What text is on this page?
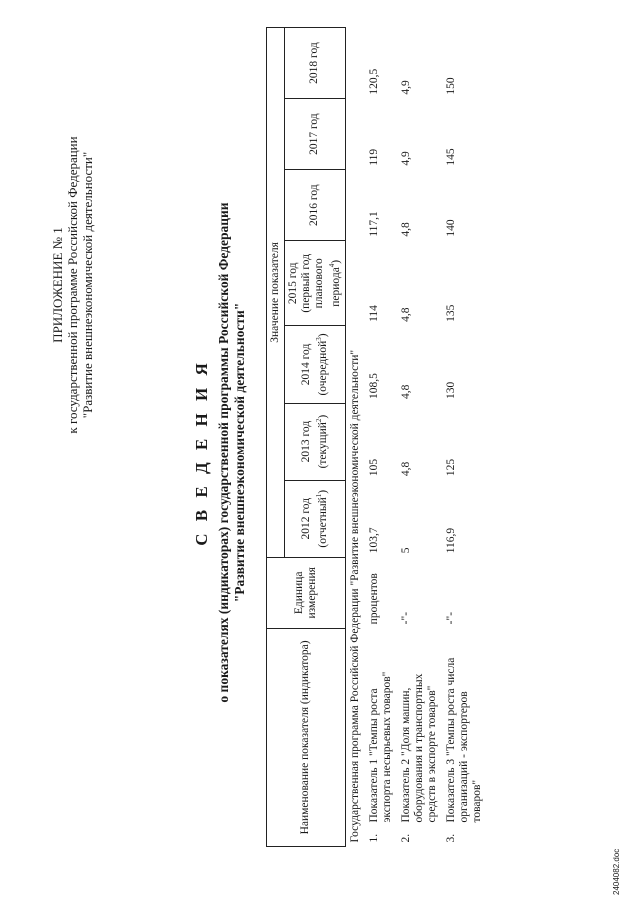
ПРИЛОЖЕНИЕ № 1 к государственной программе Российской Федерации "Развитие внешнеэкономической деятельности"
С В Е Д Е Н И Я о показателях (индикаторах) государственной программы Российской Федерации "Развитие внешнеэкономической деятельности"
Наименование показателя (индикатора)	Единица измерения	Значение показателя						
		2012 год (отчетный$^1$)	2013 год (текущий$^2$)	2014 год (очередной$^3$)	2015 год (первый год планового периода$^4$)	2016 год	2017 год	2018 год
Государственная программа Российской Федерации "Развитие внешнеэкономической деятельности"								
1.Показатель 1 "Темпы роста экспорта несырьевых товаров"	процентов	103,7	105	108,5	114	117,1	119	120,5
2.Показатель 2 "Доля машин, оборудования и транспортных средств в экспорте товаров"	-"-	5	4,8	4,8	4,8	4,8	4,9	4,9
3.Показатель 3 "Темпы роста числа организаций - экспортеров товаров"	-"-	116,9	125	130	135	140	145	150
2404082.doc
